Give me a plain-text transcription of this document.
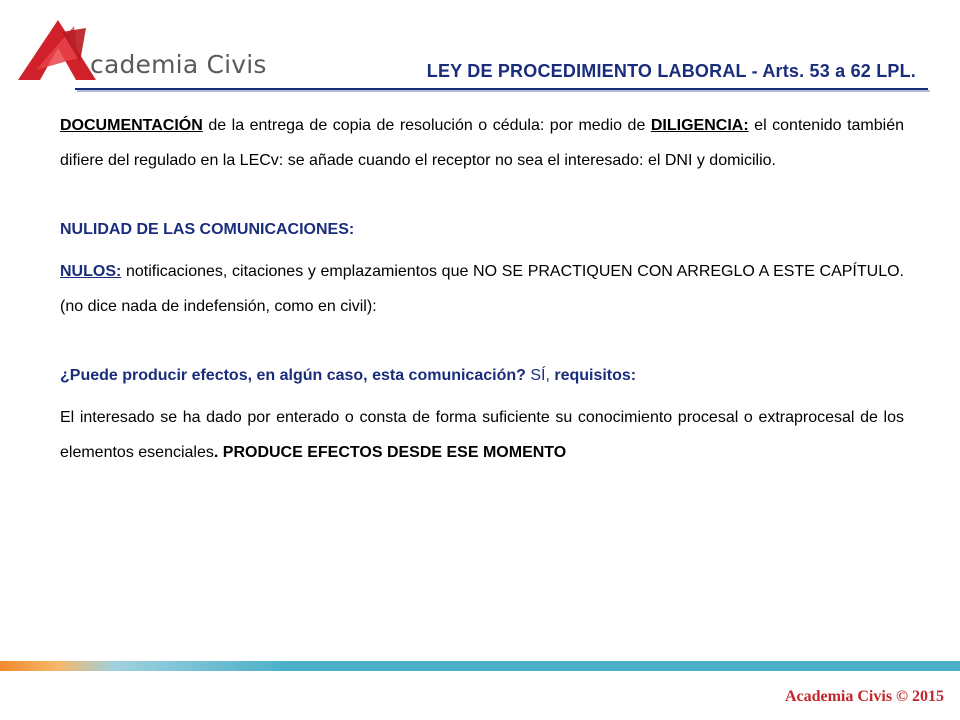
cademia Civis	LEY DE PROCEDIMIENTO LABORAL - Arts. 53 a 62 LPL.

DOCUMENTACIÓN de la entrega de copia de resolución o cédula: por medio de DILIGENCIA: el contenido también difiere del regulado en la LECv: se añade cuando el receptor no sea el interesado: el DNI y domicilio.

NULIDAD DE LAS COMUNICACIONES:

NULOS: notificaciones, citaciones y emplazamientos que NO SE PRACTIQUEN CON ARREGLO A ESTE CAPÍTULO. (no dice nada de indefensión, como en civil):

¿Puede producir efectos, en algún caso, esta comunicación? SÍ, requisitos:

El interesado se ha dado por enterado o consta de forma suficiente su conocimiento procesal o extraprocesal de los elementos esenciales. PRODUCE EFECTOS DESDE ESE MOMENTO

Academia Civis © 2015
